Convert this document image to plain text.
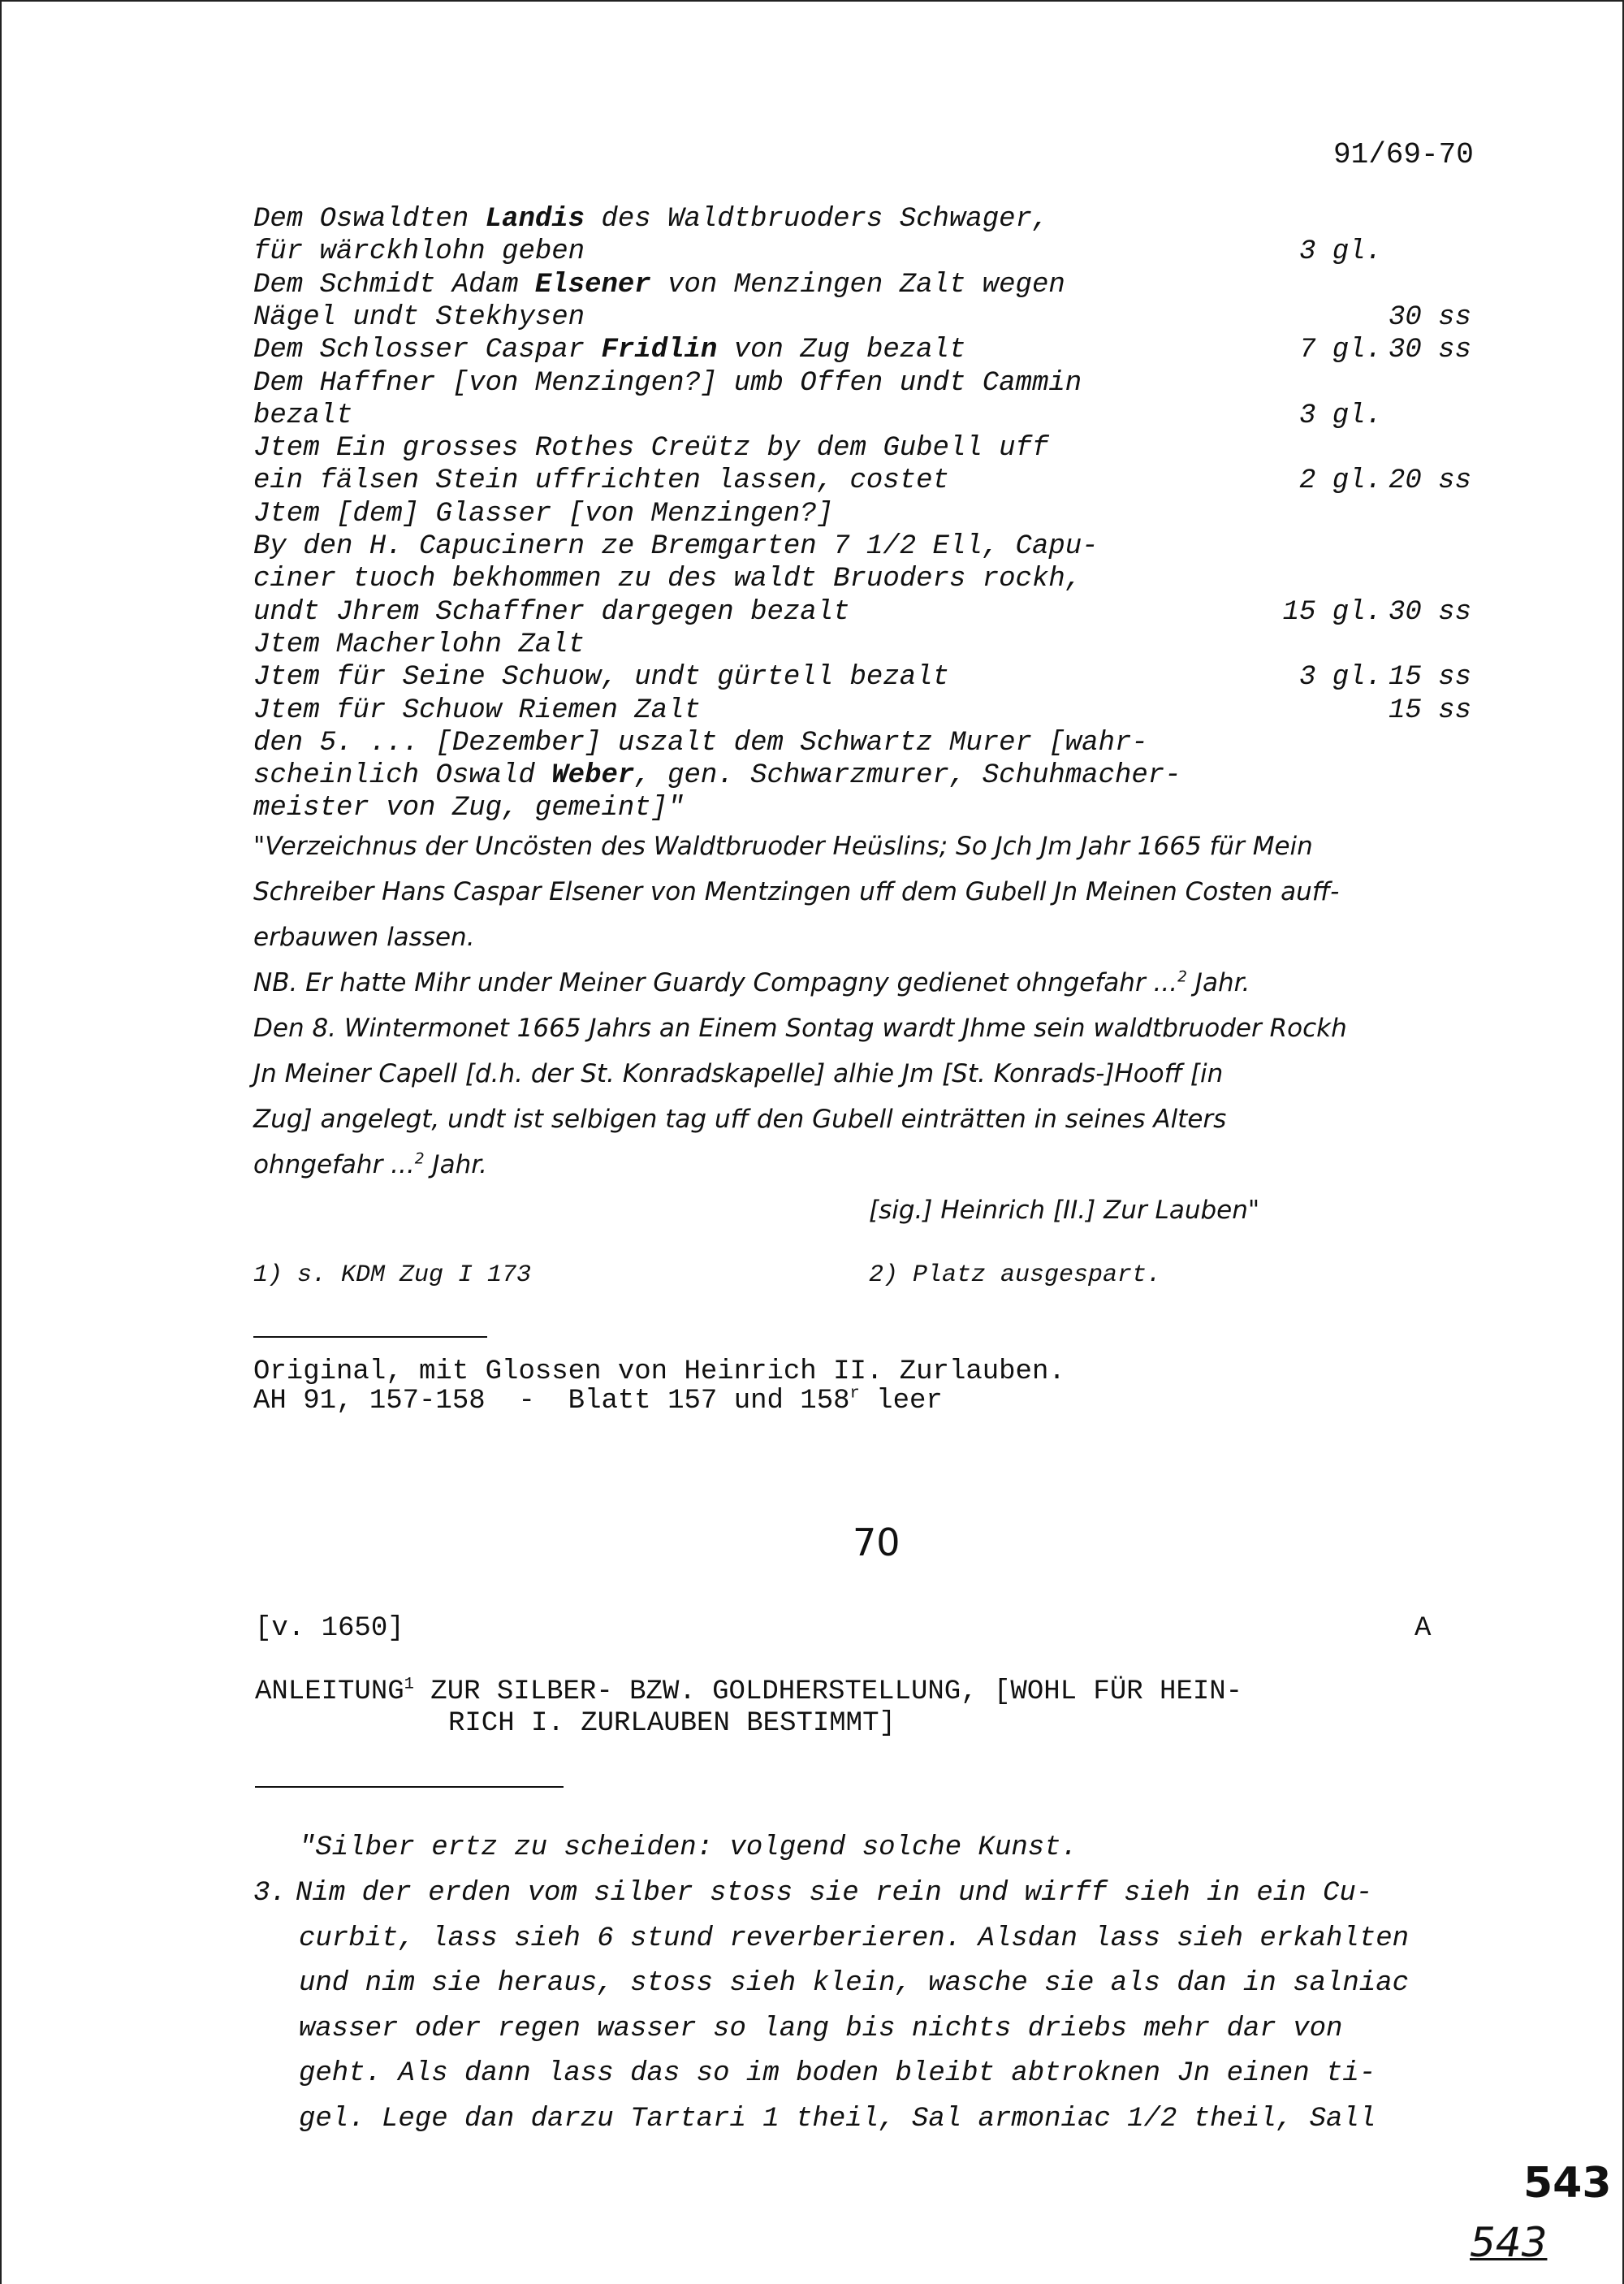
91/69-70
Dem Oswaldten Landis des Waldtbruoders Schwager,
für wärckhlohn geben	3 gl.
Dem Schmidt Adam Elsener von Menzingen Zalt wegen
Nägel undt Stekhysen	30 ss
Dem Schlosser Caspar Fridlin von Zug bezalt	7 gl. 30 ss
Dem Haffner [von Menzingen?] umb Offen undt Cammin
bezalt	3 gl.
Jtem Ein grosses Rothes Creütz by dem Gubell uff
ein fälsen Stein uffrichten lassen, costet	2 gl. 20 ss
Jtem [dem] Glasser [von Menzingen?]
By den H. Capucinern ze Bremgarten 7 1/2 Ell, Capu-
ciner tuoch bekhommen zu des waldt Bruoders rockh,
undt Jhrem Schaffner dargegen bezalt	15 gl. 30 ss
Jtem Macherlohn Zalt
Jtem für Seine Schuow, undt gürtell bezalt	3 gl. 15 ss
Jtem für Schuow Riemen Zalt	15 ss
den 5. ... [Dezember] uszalt dem Schwartz Murer [wahr-
scheinlich Oswald Weber, gen. Schwarzmurer, Schuhmacher-
meister von Zug, gemeint]"
"Verzeichnus der Uncösten des Waldtbruoder Heüslins; So Jch Jm Jahr 1665 für Mein
Schreiber Hans Caspar Elsener von Mentzingen uff dem Gubell Jn Meinen Costen auff-
erbauwen lassen.
NB. Er hatte Mihr under Meiner Guardy Compagny gedienet ohngefahr ...$^2$ Jahr.
Den 8. Wintermonet 1665 Jahrs an Einem Sontag wardt Jhme sein waldtbruoder Rockh
Jn Meiner Capell [d.h. der St. Konradskapelle] alhie Jm [St. Konrads-]Hooff [in
Zug] angelegt, undt ist selbigen tag uff den Gubell einträtten in seines Alters
ohngefahr ...$^2$ Jahr.
[sig.] Heinrich [II.] Zur Lauben"
1) s. KDM Zug I 173	2) Platz ausgespart.
Original, mit Glossen von Heinrich II. Zurlauben.
AH 91, 157-158  -  Blatt 157 und 158$^r$ leer
70
[v. 1650]	A
ANLEITUNG$^1$ ZUR SILBER- BZW. GOLDHERSTELLUNG, [WOHL FÜR HEIN-
RICH I. ZURLAUBEN BESTIMMT]
"Silber ertz zu scheiden: volgend solche Kunst.
3. Nim der erden vom silber stoss sie rein und wirff sieh in ein Cu-
curbit, lass sieh 6 stund reverberieren. Alsdan lass sieh erkahlten
und nim sie heraus, stoss sieh klein, wasche sie als dan in salniac
wasser oder regen wasser so lang bis nichts driebs mehr dar von
geht. Als dann lass das so im boden bleibt abtroknen Jn einen ti-
gel. Lege dan darzu Tartari 1 theil, Sal armoniac 1/2 theil, Sall
543
543
